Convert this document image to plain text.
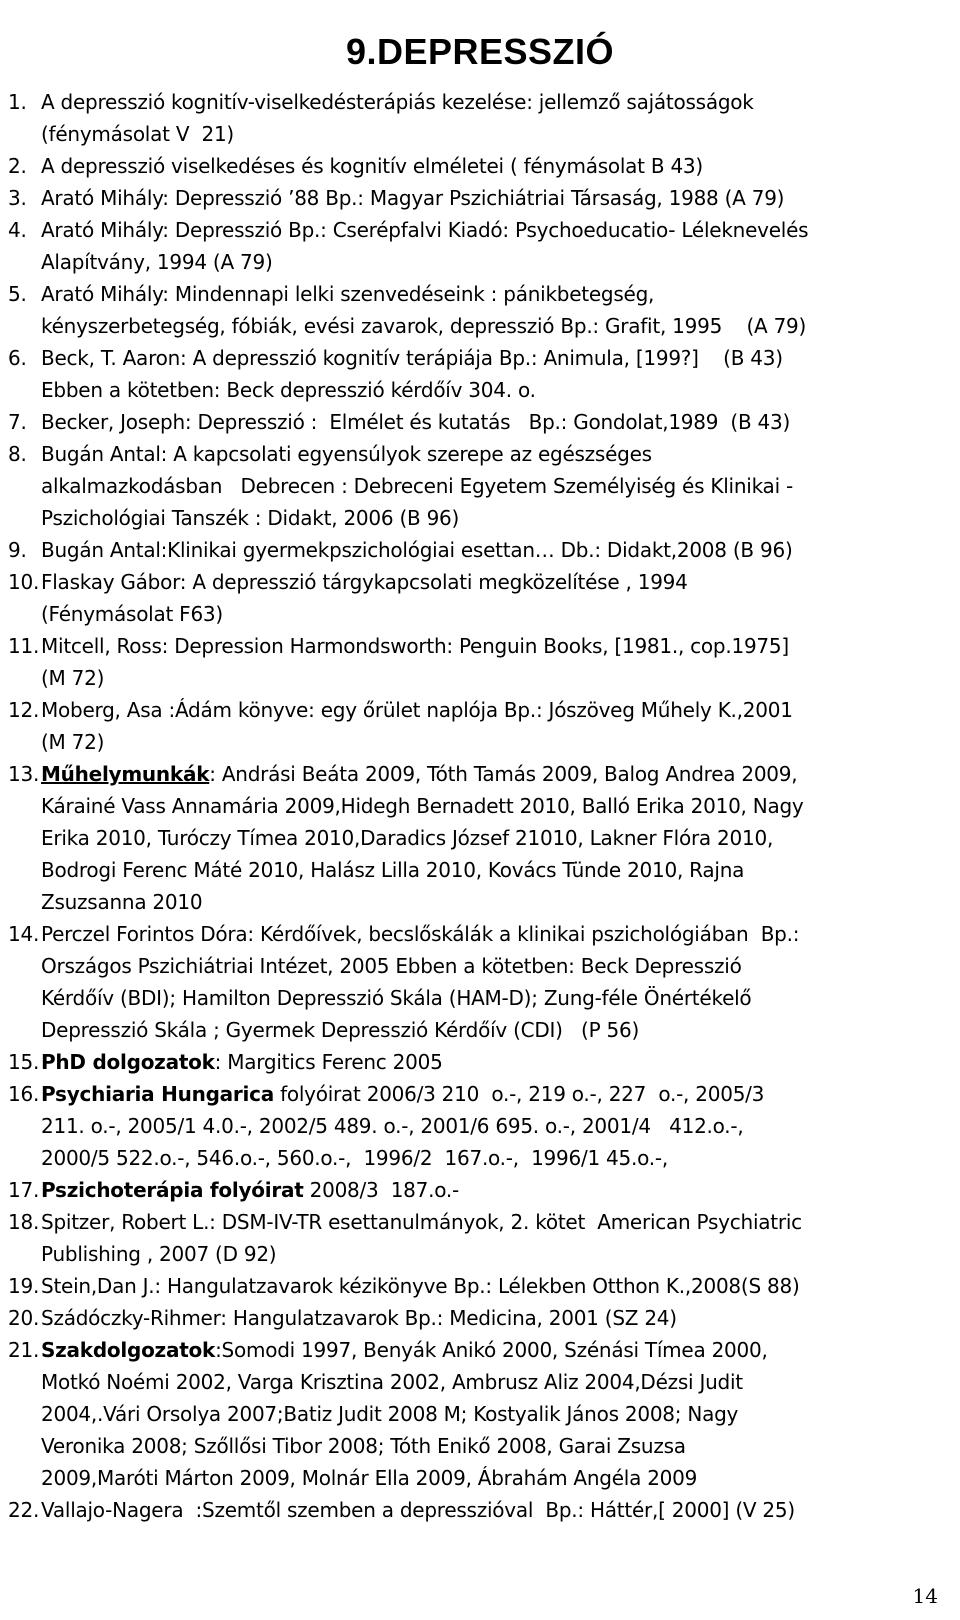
9.DEPRESSZIÓ
1. A depresszió kognitív-viselkedésterápiás kezelése: jellemző sajátosságok
(fénymásolat V  21)
2. A depresszió viselkedéses és kognitív elméletei ( fénymásolat B 43)
3. Arató Mihály: Depresszió ’88 Bp.: Magyar Pszichiátriai Társaság, 1988 (A 79)
4. Arató Mihály: Depresszió Bp.: Cserépfalvi Kiadó: Psychoeducatio- Léleknevelés
Alapítvány, 1994 (A 79)
5. Arató Mihály: Mindennapi lelki szenvedéseink : pánikbetegség,
kényszerbetegség, fóbiák, evési zavarok, depresszió Bp.: Grafit, 1995    (A 79)
6. Beck, T. Aaron: A depresszió kognitív terápiája Bp.: Animula, [199?]    (B 43)
Ebben a kötetben: Beck depresszió kérdőív 304. o.
7. Becker, Joseph: Depresszió :  Elmélet és kutatás   Bp.: Gondolat,1989  (B 43)
8. Bugán Antal: A kapcsolati egyensúlyok szerepe az egészséges
alkalmazkodásban   Debrecen : Debreceni Egyetem Személyiség és Klinikai -
Pszichológiai Tanszék : Didakt, 2006 (B 96)
9. Bugán Antal:Klinikai gyermekpszichológiai esettan… Db.: Didakt,2008 (B 96)
10. Flaskay Gábor: A depresszió tárgykapcsolati megközelítése , 1994
(Fénymásolat F63)
11. Mitcell, Ross: Depression Harmondsworth: Penguin Books, [1981., cop.1975]
(M 72)
12. Moberg, Asa :Ádám könyve: egy őrület naplója Bp.: Jószöveg Műhely K.,2001
(M 72)
13. Műhelymunkák: Andrási Beáta 2009, Tóth Tamás 2009, Balog Andrea 2009,
Kárainé Vass Annamária 2009,Hidegh Bernadett 2010, Balló Erika 2010, Nagy
Erika 2010, Turóczy Tímea 2010,Daradics József 21010, Lakner Flóra 2010,
Bodrogi Ferenc Máté 2010, Halász Lilla 2010, Kovács Tünde 2010, Rajna
Zsuzsanna 2010
14. Perczel Forintos Dóra: Kérdőívek, becslőskálák a klinikai pszichológiában  Bp.:
Országos Pszichiátriai Intézet, 2005 Ebben a kötetben: Beck Depresszió
Kérdőív (BDI); Hamilton Depresszió Skála (HAM-D); Zung-féle Önértékelő
Depresszió Skála ; Gyermek Depresszió Kérdőív (CDI)   (P 56)
15. PhD dolgozatok: Margitics Ferenc 2005
16. Psychiaria Hungarica folyóirat 2006/3 210  o.-, 219 o.-, 227  o.-, 2005/3
211. o.-, 2005/1 4.0.-, 2002/5 489. o.-, 2001/6 695. o.-, 2001/4   412.o.-,
2000/5 522.o.-, 546.o.-, 560.o.-,  1996/2  167.o.-,  1996/1 45.o.-,
17. Pszichoterápia folyóirat 2008/3  187.o.-
18. Spitzer, Robert L.: DSM-IV-TR esettanulmányok, 2. kötet  American Psychiatric
Publishing , 2007 (D 92)
19. Stein,Dan J.: Hangulatzavarok kézikönyve Bp.: Lélekben Otthon K.,2008(S 88)
20. Szádóczky-Rihmer: Hangulatzavarok Bp.: Medicina, 2001 (SZ 24)
21. Szakdolgozatok:Somodi 1997, Benyák Anikó 2000, Szénási Tímea 2000,
Motkó Noémi 2002, Varga Krisztina 2002, Ambrusz Aliz 2004,Dézsi Judit
2004,.Vári Orsolya 2007;Batiz Judit 2008 M; Kostyalik János 2008; Nagy
Veronika 2008; Szőllősi Tibor 2008; Tóth Enikő 2008, Garai Zsuzsa
2009,Maróti Márton 2009, Molnár Ella 2009, Ábrahám Angéla 2009
22. Vallajo-Nagera  :Szemtől szemben a depresszióval  Bp.: Háttér,[ 2000] (V 25)
14
